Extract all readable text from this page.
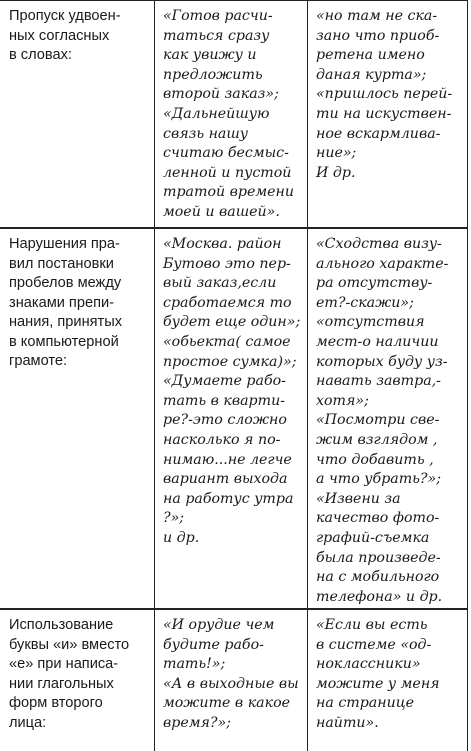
Пропуск удвоен-
ных согласных
в словах:
«Готов расчи-
таться сразу
как увижу и
предложить
второй заказ»;
«Дальнейшую
связь нашу
считаю бесмыс-
ленной и пустой
тратой времени
моей и вашей».
«но там не ска-
зано что приоб-
ретена имено
даная курта»;
«пришлось перей-
ти на искуствен-
ное вскармлива-
ние»;
И др.
Нарушения пра-
вил постановки
пробелов между
знаками препи-
нания, принятых
в компьютерной
грамоте:
«Москва. район
Бутово это пер-
вый заказ,если
сработаемся то
будет еще один»;
«обьекта( самое
простое сумка)»;
«Думаете рабо-
тать в кварти-
ре?-это сложно
насколько я по-
нимаю...не легче
вариант выхода
на работус утра
?»;
и др.
«Сходства визу-
ального характе-
ра отсутству-
ет?-скажи»;
«отсутствия
мест-о наличии
которых буду уз-
навать завтра,-
хотя»;
«Посмотри све-
жим взглядом ,
что добавить ,
а что убрать?»;
«Извени за
качество фото-
графий-съемка
была произведе-
на с мобильного
телефона» и др.
Использование
буквы «и» вместо
«е» при написа-
нии глагольных
форм второго
лица:
«И орудие чем
будите рабо-
тать!»;
«А в выходные вы
можите в какое
время?»;
«Если вы есть
в системе «од-
ноклассники»
можите у меня
на странице
найти».
